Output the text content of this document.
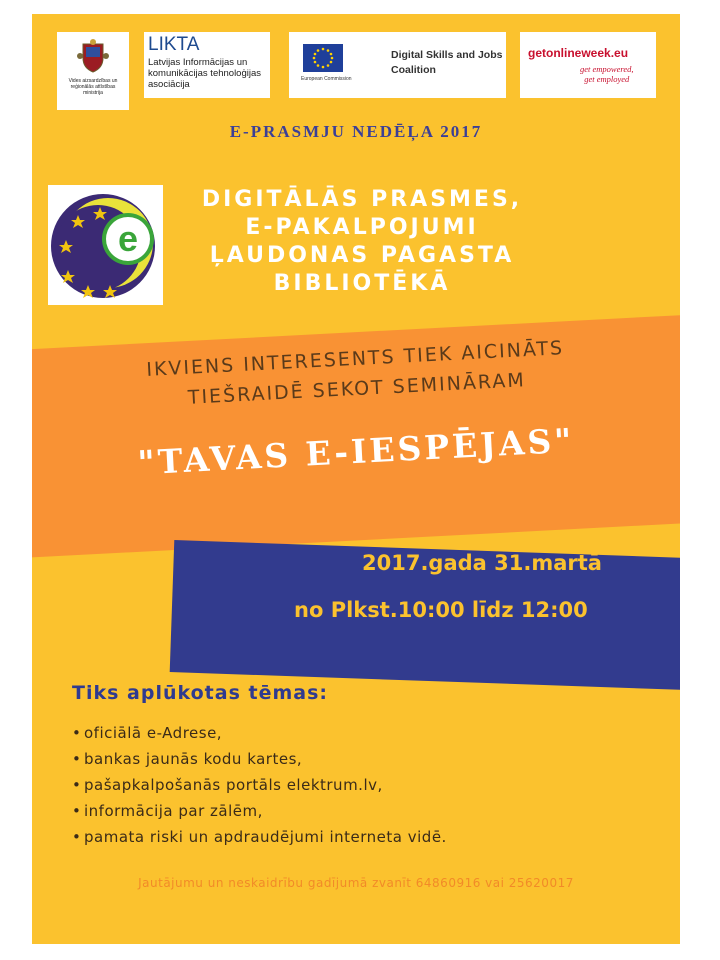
Vides aizsardzības un reģionālās attīstības ministrija
LIKTA
Latvijas Informācijas un komunikācijas tehnoloģijas asociācija	European Commission
Digital Skills and Jobs Coalition
getonlineweek.eu
get empowered,
get employed
E-PRASMJU NEDĒĻA 2017
e
DIGITĀLĀS PRASMES,
E-PAKALPOJUMI
ĻAUDONAS PAGASTA
BIBLIOTĒKĀ
IKVIENS INTERESENTS TIEK AICINĀTS
TIEŠRAIDĒ SEKOT SEMINĀRAM
"TAVAS E-IESPĒJAS"
2017.gada 31.martā
no Plkst.10:00 līdz 12:00
Tiks aplūkotas tēmas:
• oficiālā e-Adrese,
• bankas jaunās kodu kartes,
• pašapkalpošanās portāls elektrum.lv,
• informācija par zālēm,
• pamata riski un apdraudējumi interneta vidē.
Jautājumu un neskaidrību gadījumā zvanīt 64860916 vai 25620017
